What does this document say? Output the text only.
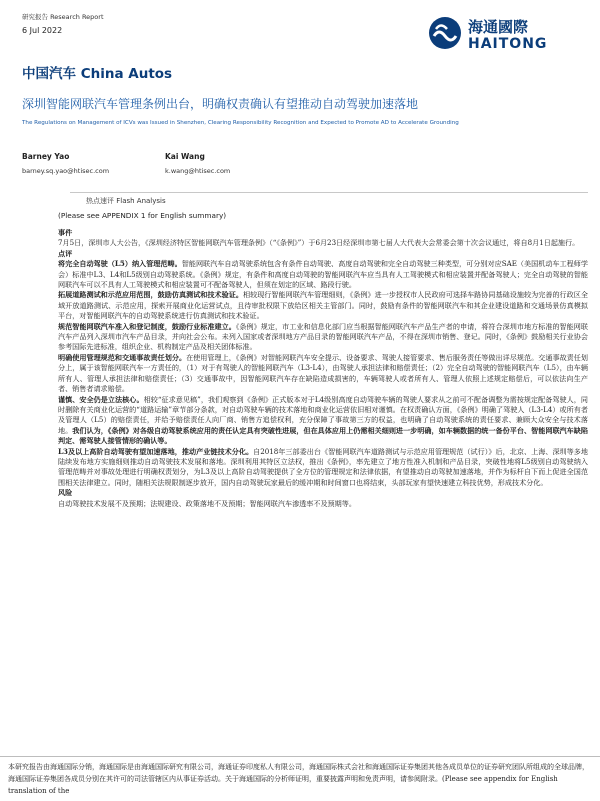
研究报告 Research Report
6 Jul 2022	海通國際
HAITONG
中国汽车 China Autos
深圳智能网联汽车管理条例出台，明确权责确认有望推动自动驾驶加速落地
The Regulations on Management of ICVs was Issued in Shenzhen, Clearing Responsibility Recognition and Expected to Promote AD to Accelerate Grounding
Barney Yao
barney.sq.yao@htisec.com
Kai Wang
k.wang@htisec.com
热点速评 Flash Analysis
(Please see APPENDIX 1 for English summary)
事件

7月5日，深圳市人大公告，《深圳经济特区智能网联汽车管理条例》（“《条例》”）于6月23日经深圳市第七届人大代表大会常委会第十次会议通过，将自8月1日起施行。

点评

将完全自动驾驶（L5）纳入管理范畴。智能网联汽车自动驾驶系统包含有条件自动驾驶、高度自动驾驶和完全自动驾驶三种类型，可分别对应SAE（美国机动车工程师学会）标准中L3、L4和L5级别自动驾驶系统。《条例》规定，有条件和高度自动驾驶的智能网联汽车应当具有人工驾驶模式和相应装置并配备驾驶人；完全自动驾驶的智能网联汽车可以不具有人工驾驶模式和相应装置可不配备驾驶人，但须在划定的区域、路段行驶。

拓展道路测试和示范应用范围，鼓励仿真测试和技术验证。相较现行智能网联汽车管理细则，《条例》进一步授权市人民政府可选择车路协同基础设施较为完善的行政区全域开放道路测试、示范应用，探索开展商业化运营试点，且待审批权限下放给区相关主管部门。同时，鼓励有条件的智能网联汽车和其企业建设道路和交通场景仿真模拟平台，对智能网联汽车的自动驾驶系统进行仿真测试和技术验证。

规范智能网联汽车准入和登记制度，鼓励行业标准建立。《条例》规定，市工业和信息化部门应当根据智能网联汽车产品生产者的申请，将符合深圳市地方标准的智能网联汽车产品列入深圳市汽车产品目录，并向社会公布。未列入国家或者深圳地方产品目录的智能网联汽车产品，不得在深圳市销售、登记。同时，《条例》鼓励相关行业协会参考国际先进标准，组织企业、机构制定产品及相关团体标准。

明确使用管理规范和交通事故责任划分。在使用管理上，《条例》对智能网联汽车安全提示、设备要求、驾驶人接管要求、售后服务责任等做出详尽规范。交通事故责任划分上，属于该智能网联汽车一方责任的，（1）对于有驾驶人的智能网联汽车（L3-L4），由驾驶人承担法律和赔偿责任；（2）完全自动驾驶的智能网联汽车（L5），由车辆所有人、管理人承担法律和赔偿责任；（3）交通事故中，因智能网联汽车存在缺陷造成损害的，车辆驾驶人或者所有人、管理人依照上述规定赔偿后，可以依法向生产者、销售者请求赔偿。

谨慎、安全仍是立法核心。相较“征求意见稿”，我们观察到《条例》正式版本对于L4级别高度自动驾驶车辆的驾驶人要求从之前可不配备调整为需按规定配备驾驶人，同时删除有关商业化运营的“道路运输”章节部分条款，对自动驾驶车辆的技术落地和商业化运营依旧相对谨慎。在权责确认方面，《条例》明确了驾驶人（L3-L4）或所有者及管理人（L5）的赔偿责任，并给予赔偿责任人向厂商、销售方追偿权利，充分保障了事故第三方的权益，也明确了自动驾驶系统的责任要求、兼顾大众安全与技术落地。我们认为，《条例》对各级自动驾驶系统应用的责任认定具有突破性进展，但在具体应用上仍需相关细则进一步明确，如车辆数据的统一备份平台、智能网联汽车缺陷判定、需驾驶人接管情形的确认等。

L3及以上高阶自动驾驶有望加速落地，推动产业链技术分化。自2018年三部委出台《智能网联汽车道路测试与示范应用管理规范（试行）》后，北京、上海、深圳等多地陆续发布地方实施细则推动自动驾驶技术发展和落地。深圳利用其特区立法权，推出《条例》，率先建立了地方性准入机制和产品目录，突破性地将L5级别自动驾驶纳入管理范畴并对事故处理进行明确权责划分，为L3及以上高阶自动驾驶提供了全方位的管理规定和法律依据，有望推动自动驾驶加速落地，并作为标杆自下而上促进全国范围相关法律建立。同时，随相关法规限制逐步放开，国内自动驾驶玩家最后的缓冲期和时间窗口也将结束，头部玩家有望快速建立科技优势，形成技术分化。

风险

自动驾驶技术发展不及预期；法规建设、政策落地不及预期；智能网联汽车渗透率不及预期等。

本研究报告由海通国际分销，海通国际是由海通国际研究有限公司，海通证券印度私人有限公司，海通国际株式会社和海通国际证券集团其他各成员单位的证券研究团队所组成的全球品牌，海通国际证券集团各成员分别在其许可的司法管辖区内从事证券活动。关于海通国际的分析师证明，重要披露声明和免责声明，请参阅附录。(Please see appendix for English translation of the
